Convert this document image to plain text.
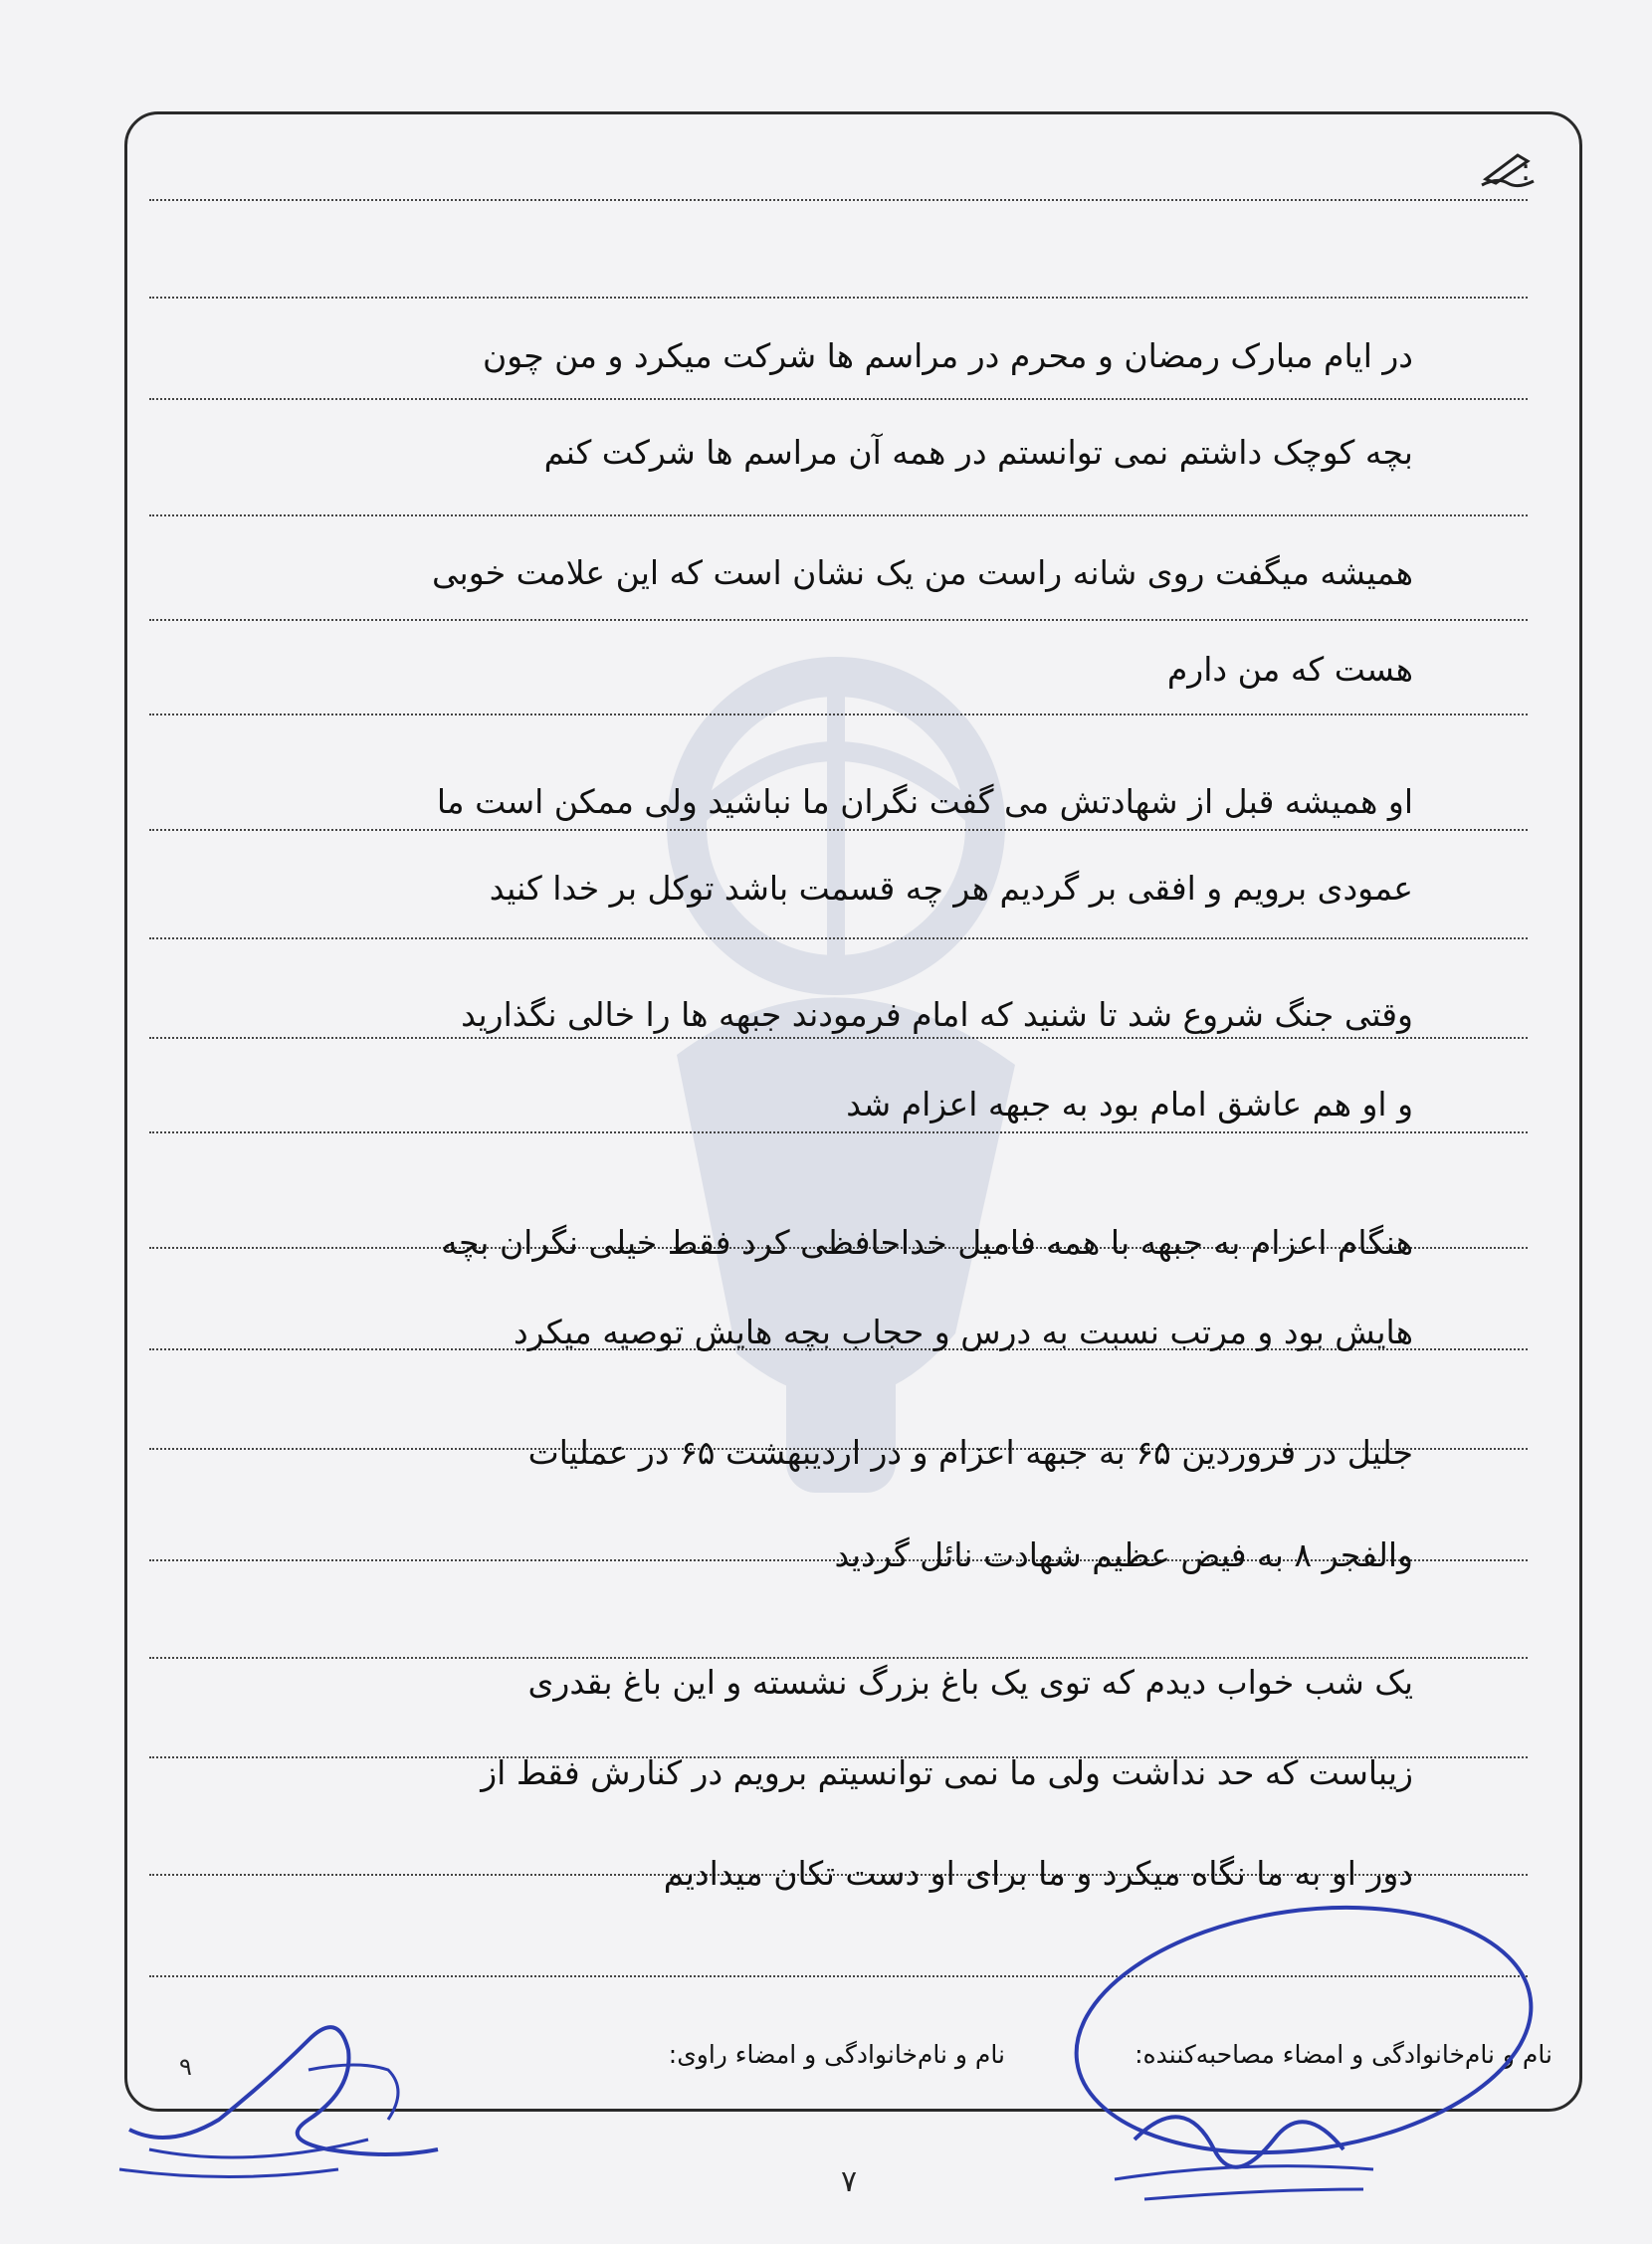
:
در ایام مبارک رمضان و محرم در مراسم ها شرکت میکرد و من چون
بچه کوچک داشتم نمی توانستم در همه آن مراسم ها شرکت کنم
همیشه میگفت روی شانه راست من یک نشان است که این علامت خوبی
هست که من دارم
او همیشه قبل از شهادتش می گفت نگران ما نباشید ولی ممکن است ما
عمودی برویم و افقی بر گردیم هر چه قسمت باشد توکل بر خدا کنید
وقتی جنگ شروع شد تا شنید که امام فرمودند جبهه ها را خالی نگذارید
و او هم عاشق امام بود به جبهه اعزام شد
هنگام اعزام به جبهه با همه فامیل خداحافظی کرد فقط خیلی نگران بچه
هایش بود و مرتب نسبت به درس و حجاب بچه هایش توصیه میکرد
جلیل در فروردین ۶۵ به جبهه اعزام و در اردیبهشت ۶۵ در عملیات
والفجر ۸ به فیض عظیم شهادت نائل گردید
یک شب خواب دیدم که توی یک باغ بزرگ نشسته و این باغ بقدری
زیباست که حد نداشت ولی ما نمی توانسیتم برویم در کنارش فقط از
دور او به ما نگاه میکرد و ما برای او دست تکان میدادیم
نام و نام‌خانوادگی و امضاء مصاحبه‌کننده:
نام و نام‌خانوادگی و امضاء راوی:
۹
۷
